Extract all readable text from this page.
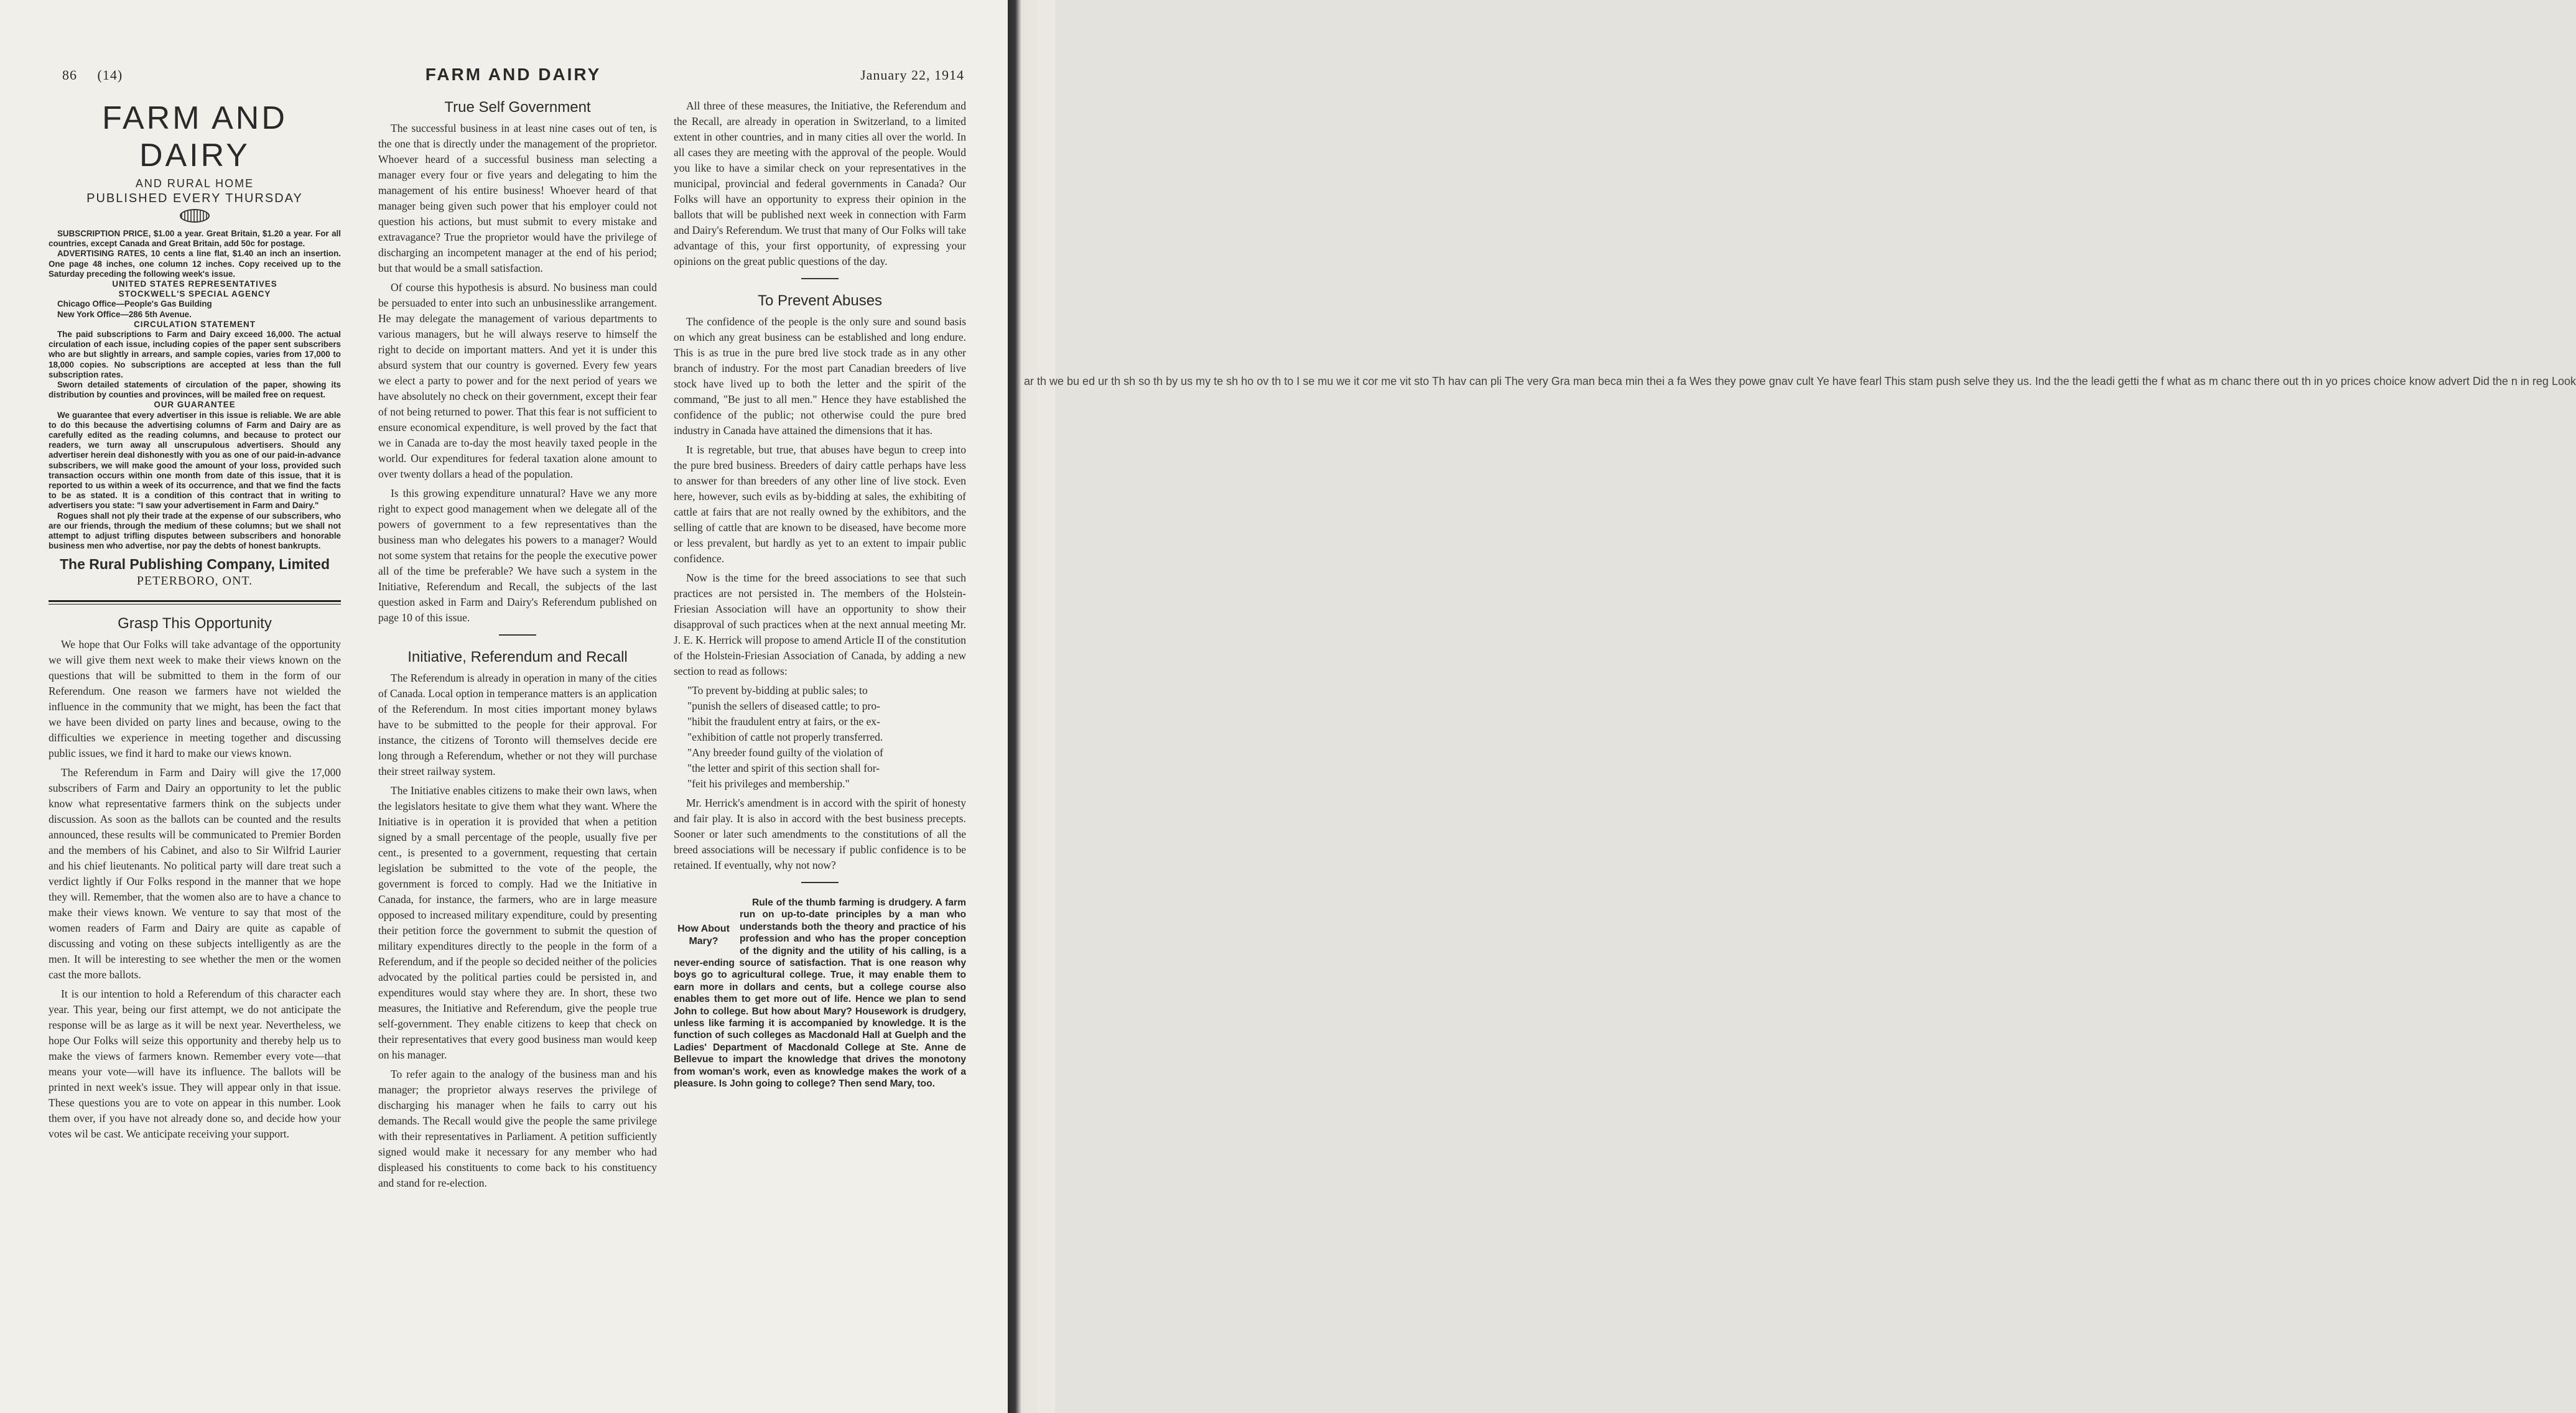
86 (14)	FARM AND DAIRY	January 22, 1914
FARM AND DAIRY
AND RURAL HOME
PUBLISHED EVERY THURSDAY

SUBSCRIPTION PRICE, $1.00 a year. Great Britain, $1.20 a year. For all countries, except Canada and Great Britain, add 50c for postage.

ADVERTISING RATES, 10 cents a line flat, $1.40 an inch an insertion. One page 48 inches, one column 12 inches. Copy received up to the Saturday preceding the following week's issue.

UNITED STATES REPRESENTATIVES

STOCKWELL'S SPECIAL AGENCY

Chicago Office—People's Gas Building

New York Office—286 5th Avenue.

CIRCULATION STATEMENT

The paid subscriptions to Farm and Dairy exceed 16,000. The actual circulation of each issue, including copies of the paper sent subscribers who are but slightly in arrears, and sample copies, varies from 17,000 to 18,000 copies. No subscriptions are accepted at less than the full subscription rates.

Sworn detailed statements of circulation of the paper, showing its distribution by counties and provinces, will be mailed free on request.

OUR GUARANTEE

We guarantee that every advertiser in this issue is reliable. We are able to do this because the advertising columns of Farm and Dairy are as carefully edited as the reading columns, and because to protect our readers, we turn away all unscrupulous advertisers. Should any advertiser herein deal dishonestly with you as one of our paid-in-advance subscribers, we will make good the amount of your loss, provided such transaction occurs within one month from date of this issue, that it is reported to us within a week of its occurrence, and that we find the facts to be as stated. It is a condition of this contract that in writing to advertisers you state: "I saw your advertisement in Farm and Dairy."

Rogues shall not ply their trade at the expense of our subscribers, who are our friends, through the medium of these columns; but we shall not attempt to adjust trifling disputes between subscribers and honorable business men who advertise, nor pay the debts of honest bankrupts.

The Rural Publishing Company, Limited
PETERBORO, ONT.
Grasp This Opportunity

We hope that Our Folks will take advantage of the opportunity we will give them next week to make their views known on the questions that will be submitted to them in the form of our Referendum. One reason we farmers have not wielded the influence in the community that we might, has been the fact that we have been divided on party lines and because, owing to the difficulties we experience in meeting together and discussing public issues, we find it hard to make our views known.

The Referendum in Farm and Dairy will give the 17,000 subscribers of Farm and Dairy an opportunity to let the public know what representative farmers think on the subjects under discussion. As soon as the ballots can be counted and the results announced, these results will be communicated to Premier Borden and the members of his Cabinet, and also to Sir Wilfrid Laurier and his chief lieutenants. No political party will dare treat such a verdict lightly if Our Folks respond in the manner that we hope they will. Remember, that the women also are to have a chance to make their views known. We venture to say that most of the women readers of Farm and Dairy are quite as capable of discussing and voting on these subjects intelligently as are the men. It will be interesting to see whether the men or the women cast the more ballots.

It is our intention to hold a Referendum of this character each year. This year, being our first attempt, we do not anticipate the response will be as large as it will be next year. Nevertheless, we hope Our Folks will seize this opportunity and thereby help us to make the views of farmers known. Remember every vote—that means your vote—will have its influence. The ballots will be printed in next week's issue. They will appear only in that issue. These questions you are to vote on appear in this number. Look them over, if you have not already done so, and decide how your votes wil be cast. We anticipate receiving your support.

True Self Government

The successful business in at least nine cases out of ten, is the one that is directly under the management of the proprietor. Whoever heard of a successful business man selecting a manager every four or five years and delegating to him the management of his entire business! Whoever heard of that manager being given such power that his employer could not question his actions, but must submit to every mistake and extravagance? True the proprietor would have the privilege of discharging an incompetent manager at the end of his period; but that would be a small satisfaction.

Of course this hypothesis is absurd. No business man could be persuaded to enter into such an unbusinesslike arrangement. He may delegate the management of various departments to various managers, but he will always reserve to himself the right to decide on important matters. And yet it is under this absurd system that our country is governed. Every few years we elect a party to power and for the next period of years we have absolutely no check on their government, except their fear of not being returned to power. That this fear is not sufficient to ensure economical expenditure, is well proved by the fact that we in Canada are to-day the most heavily taxed people in the world. Our expenditures for federal taxation alone amount to over twenty dollars a head of the population.

Is this growing expenditure unnatural? Have we any more right to expect good management when we delegate all of the powers of government to a few representatives than the business man who delegates his powers to a manager? Would not some system that retains for the people the executive power all of the time be preferable? We have such a system in the Initiative, Referendum and Recall, the subjects of the last question asked in Farm and Dairy's Referendum published on page 10 of this issue.

Initiative, Referendum and Recall

The Referendum is already in operation in many of the cities of Canada. Local option in temperance matters is an application of the Referendum. In most cities important money bylaws have to be submitted to the people for their approval. For instance, the citizens of Toronto will themselves decide ere long through a Referendum, whether or not they will purchase their street railway system.

The Initiative enables citizens to make their own laws, when the legislators hesitate to give them what they want. Where the Initiative is in operation it is provided that when a petition signed by a small percentage of the people, usually five per cent., is presented to a government, requesting that certain legislation be submitted to the vote of the people, the government is forced to comply. Had we the Initiative in Canada, for instance, the farmers, who are in large measure opposed to increased military expenditure, could by presenting their petition force the government to submit the question of military expenditures directly to the people in the form of a Referendum, and if the people so decided neither of the policies advocated by the political parties could be persisted in, and expenditures would stay where they are. In short, these two measures, the Initiative and Referendum, give the people true self-government. They enable citizens to keep that check on their representatives that every good business man would keep on his manager.

To refer again to the analogy of the business man and his manager; the proprietor always reserves the privilege of discharging his manager when he fails to carry out his demands. The Recall would give the people the same privilege with their representatives in Parliament. A petition sufficiently signed would make it necessary for any member who had displeased his constituents to come back to his constituency and stand for re-election.

All three of these measures, the Initiative, the Referendum and the Recall, are already in operation in Switzerland, to a limited extent in other countries, and in many cities all over the world. In all cases they are meeting with the approval of the people. Would you like to have a similar check on your representatives in the municipal, provincial and federal governments in Canada? Our Folks will have an opportunity to express their opinion in the ballots that will be published next week in connection with Farm and Dairy's Referendum. We trust that many of Our Folks will take advantage of this, your first opportunity, of expressing your opinions on the great public questions of the day.

To Prevent Abuses

The confidence of the people is the only sure and sound basis on which any great business can be established and long endure. This is as true in the pure bred live stock trade as in any other branch of industry. For the most part Canadian breeders of live stock have lived up to both the letter and the spirit of the command, "Be just to all men." Hence they have established the confidence of the public; not otherwise could the pure bred industry in Canada have attained the dimensions that it has.

It is regretable, but true, that abuses have begun to creep into the pure bred business. Breeders of dairy cattle perhaps have less to answer for than breeders of any other line of live stock. Even here, however, such evils as by-bidding at sales, the exhibiting of cattle at fairs that are not really owned by the exhibitors, and the selling of cattle that are known to be diseased, have become more or less prevalent, but hardly as yet to an extent to impair public confidence.

Now is the time for the breed associations to see that such practices are not persisted in. The members of the Holstein-Friesian Association will have an opportunity to show their disapproval of such practices when at the next annual meeting Mr. J. E. K. Herrick will propose to amend Article II of the constitution of the Holstein-Friesian Association of Canada, by adding a new section to read as follows:

"To prevent by-bidding at public sales; to
"punish the sellers of diseased cattle; to pro-
"hibit the fraudulent entry at fairs, or the ex-
"exhibition of cattle not properly transferred.
"Any breeder found guilty of the violation of
"the letter and spirit of this section shall for-
"feit his privileges and membership."

Mr. Herrick's amendment is in accord with the spirit of honesty and fair play. It is also in accord with the best business precepts. Sooner or later such amendments to the constitutions of all the breed associations will be necessary if public confidence is to be retained. If eventually, why not now?

How About Mary?

Rule of the thumb farming is drudgery. A farm run on up-to-date principles by a man who understands both the theory and practice of his profession and who has the proper conception of the dignity and the utility of his calling, is a never-ending source of satisfaction. That is one reason why boys go to agricultural college. True, it may enable them to earn more in dollars and cents, but a college course also enables them to get more out of life. Hence we plan to send John to college. But how about Mary? Housework is drudgery, unless like farming it is accompanied by knowledge. It is the function of such colleges as Macdonald Hall at Guelph and the Ladies' Department of Macdonald College at Ste. Anne de Bellevue to impart the knowledge that drives the monotony from woman's work, even as knowledge makes the work of a pleasure. Is John going to college? Then send Mary, too.

ar th we bu ed ur th sh so th by us my te sh ho ov th to I se mu we it cor me vit sto Th hav can pli The very Gra man beca min thei a fa Wes they powe gnav cult Ye have fearl This stam push selve they us. Ind the the leadi getti the f what as m chanc there out th in yo prices choice know advert Did the n in reg Look
